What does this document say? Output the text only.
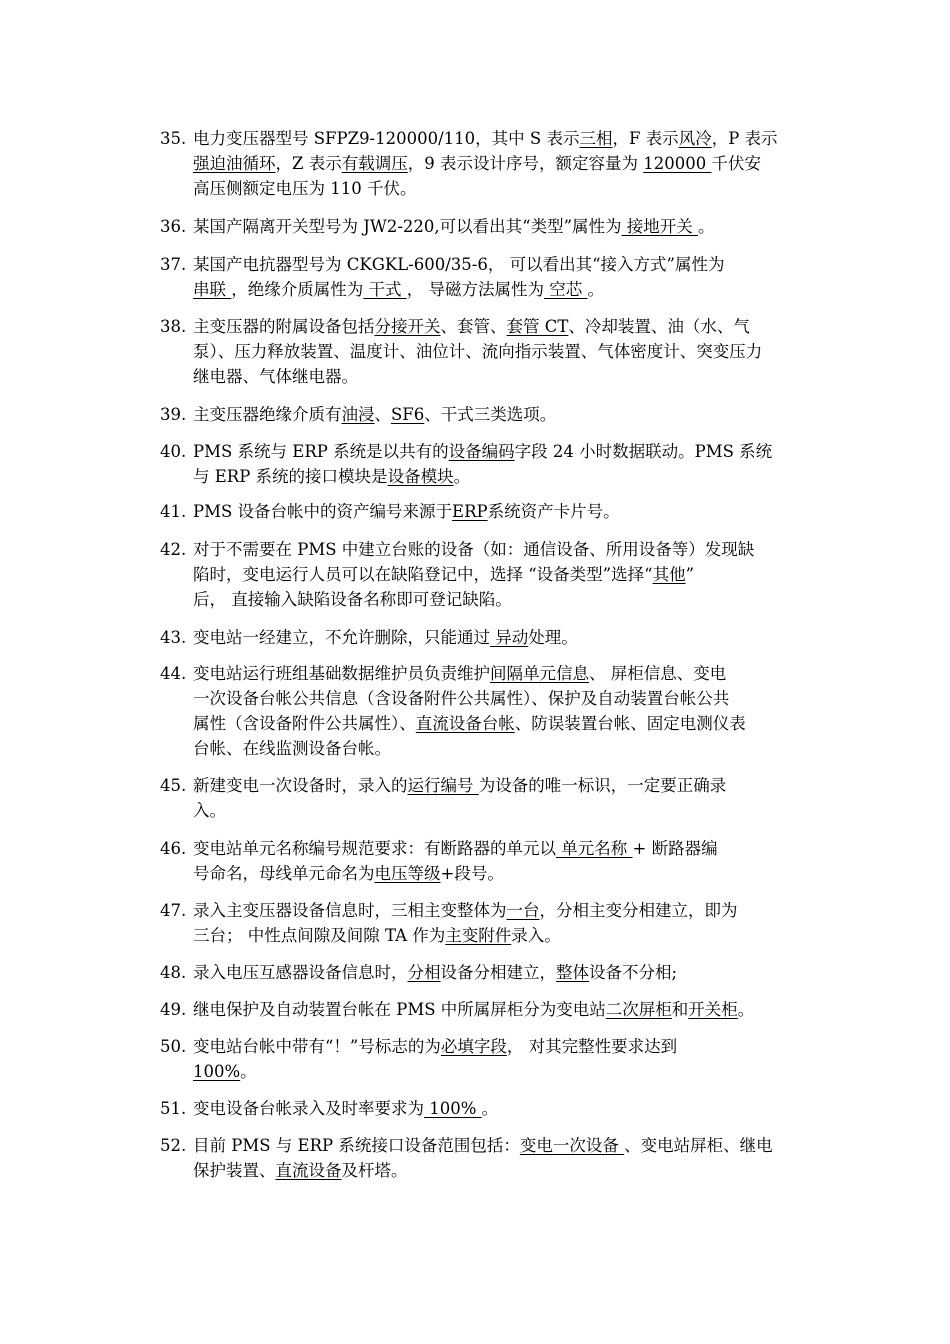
35. 电力变压器型号 SFPZ9-120000/110，其中 S 表示三相，F 表示风冷，P 表示
强迫油循环，Z 表示有载调压，9 表示设计序号，额定容量为 120000 千伏安
高压侧额定电压为 110 千伏。
36. 某国产隔离开关型号为 JW2-220,可以看出其“类型”属性为 接地开关 。
37. 某国产电抗器型号为 CKGKL-600/35-6， 可以看出其“接入方式”属性为
串联 ，绝缘介质属性为 干式 ， 导磁方法属性为 空芯 。
38. 主变压器的附属设备包括分接开关、套管、套管 CT、冷却装置、油（水、气
泵）、压力释放装置、温度计、油位计、流向指示装置、气体密度计、突变压力
继电器、气体继电器。
39. 主变压器绝缘介质有油浸、SF6、干式三类选项。
40. PMS 系统与 ERP 系统是以共有的设备编码字段 24 小时数据联动。PMS 系统
与 ERP 系统的接口模块是设备模块。
41. PMS 设备台帐中的资产编号来源于ERP系统资产卡片号。
42. 对于不需要在 PMS 中建立台账的设备（如：通信设备、所用设备等）发现缺
陷时，变电运行人员可以在缺陷登记中，选择 “设备类型”选择“其他”
后， 直接输入缺陷设备名称即可登记缺陷。
43. 变电站一经建立，不允许删除，只能通过 异动处理。
44. 变电站运行班组基础数据维护员负责维护间隔单元信息、 屏柜信息、变电
一次设备台帐公共信息（含设备附件公共属性）、保护及自动装置台帐公共
属性（含设备附件公共属性）、直流设备台帐、防误装置台帐、固定电测仪表
台帐、在线监测设备台帐。
45. 新建变电一次设备时，录入的运行编号 为设备的唯一标识，一定要正确录
入。
46. 变电站单元名称编号规范要求：有断路器的单元以 单元名称 + 断路器编
号命名，母线单元命名为电压等级+段号。
47. 录入主变压器设备信息时，三相主变整体为一台，分相主变分相建立，即为
三台； 中性点间隙及间隙 TA 作为主变附件录入。
48. 录入电压互感器设备信息时，分相设备分相建立，整体设备不分相;
49. 继电保护及自动装置台帐在 PMS 中所属屏柜分为变电站二次屏柜和开关柜。
50. 变电站台帐中带有“！”号标志的为必填字段， 对其完整性要求达到
100%。
51. 变电设备台帐录入及时率要求为 100% 。
52. 目前 PMS 与 ERP 系统接口设备范围包括：变电一次设备 、变电站屏柜、继电
保护装置、直流设备及杆塔。
